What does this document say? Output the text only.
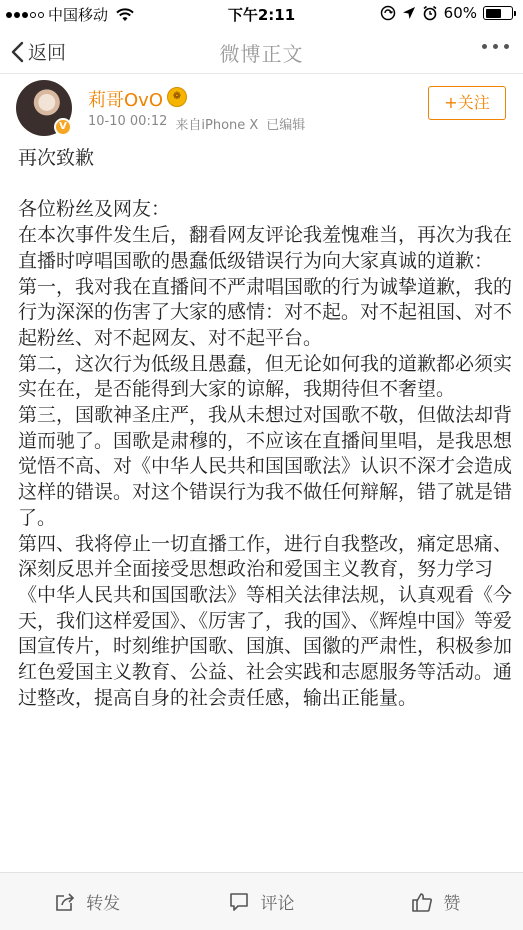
中国移动	下午2:11	60%
返回	微博正文
V
莉哥OvO ❁
10-10 00:12 来自iPhone X 已编辑
+关注

再次致歉

各位粉丝及网友：

在本次事件发生后，翻看网友评论我羞愧难当，再次为我在直播时哼唱国歌的愚蠢低级错误行为向大家真诚的道歉：

第一，我对我在直播间不严肃唱国歌的行为诚挚道歉，我的行为深深的伤害了大家的感情：对不起。对不起祖国、对不起粉丝、对不起网友、对不起平台。

第二，这次行为低级且愚蠢，但无论如何我的道歉都必须实实在在，是否能得到大家的谅解，我期待但不奢望。

第三，国歌神圣庄严，我从未想过对国歌不敬，但做法却背道而驰了。国歌是肃穆的，不应该在直播间里唱，是我思想觉悟不高、对《中华人民共和国国歌法》认识不深才会造成这样的错误。对这个错误行为我不做任何辩解，错了就是错了。

第四、我将停止一切直播工作，进行自我整改，痛定思痛、深刻反思并全面接受思想政治和爱国主义教育，努力学习《中华人民共和国国歌法》等相关法律法规，认真观看《今天，我们这样爱国》、《厉害了，我的国》、《辉煌中国》等爱国宣传片，时刻维护国歌、国旗、国徽的严肃性，积极参加红色爱国主义教育、公益、社会实践和志愿服务等活动。通过整改，提高自身的社会责任感，输出正能量。

转发	评论	赞
